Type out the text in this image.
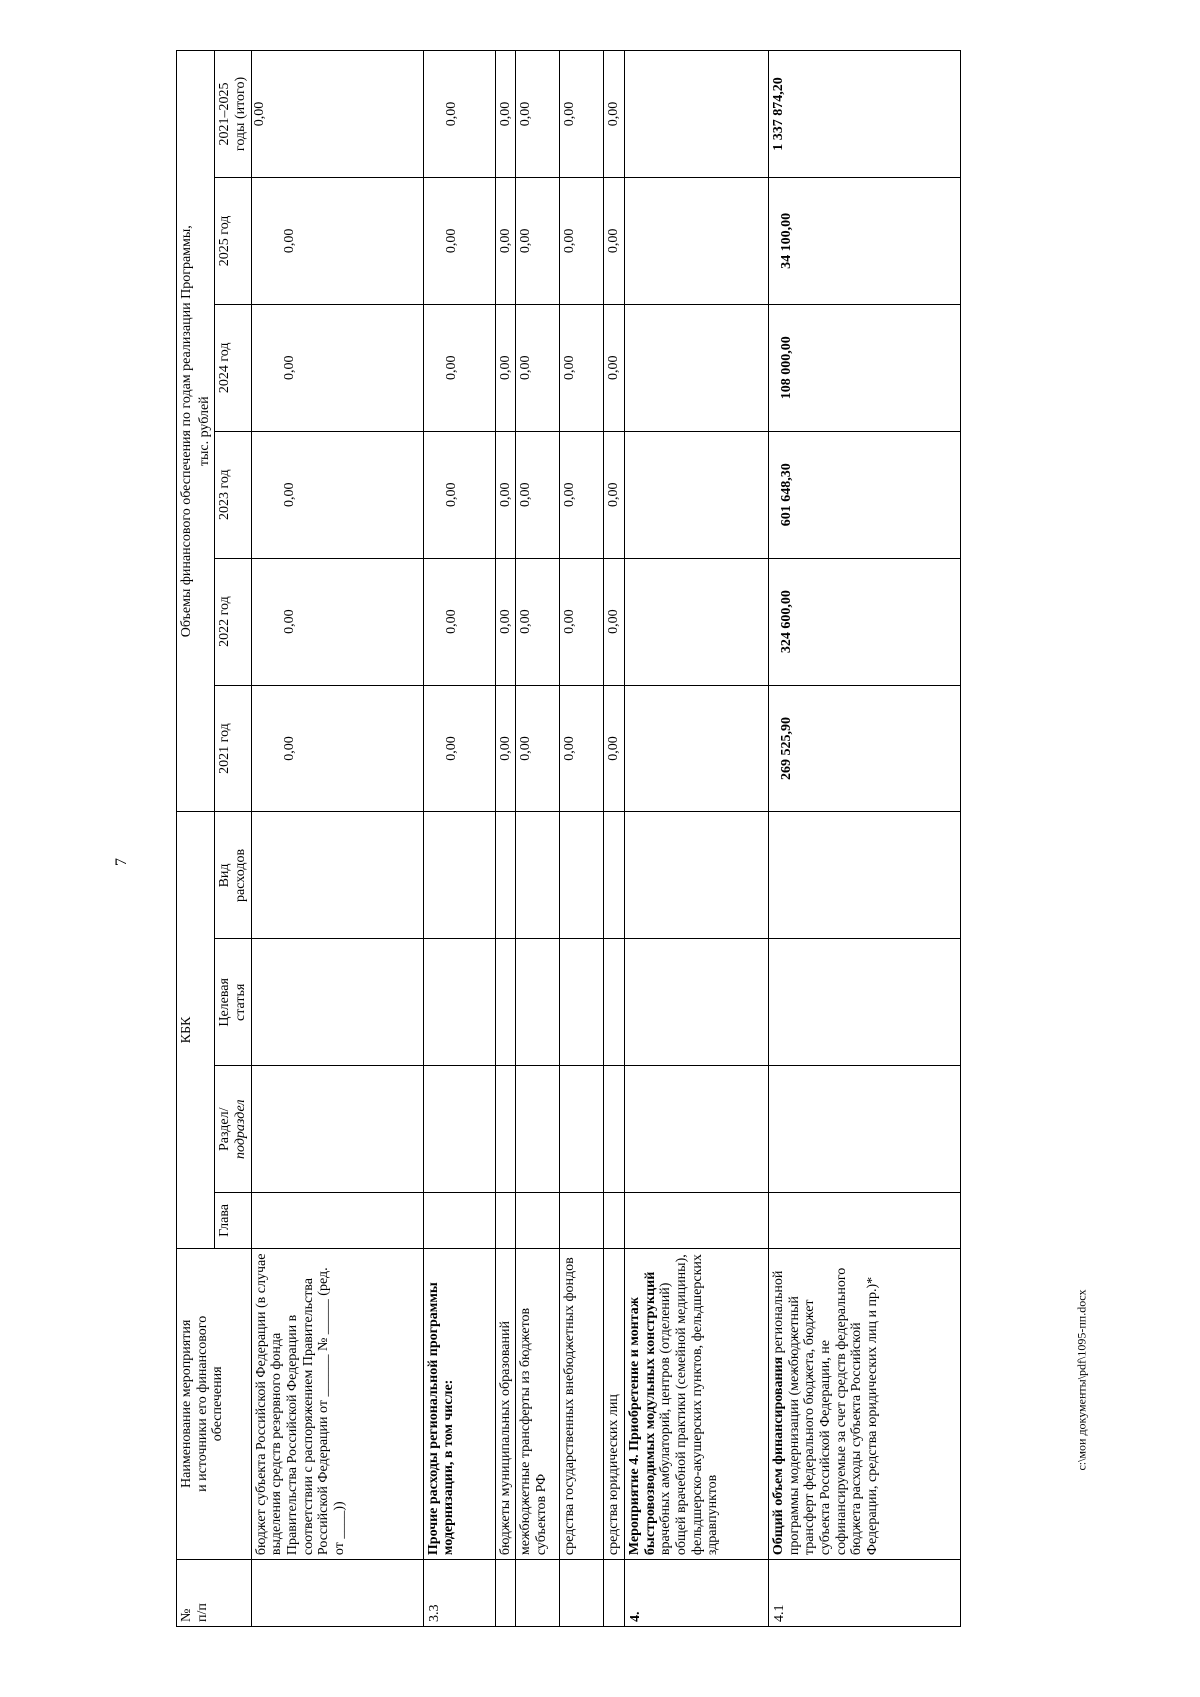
7
№
п/п	Наименование мероприятия
и источники его финансового
обеспечения	КБК				Объемы финансового обеспечения по годам реализации Программы,					
						тыс. рублей					
		Глава	Раздел/
подраздел	Целевая
статья	Вид
расходов	2021 год	2022 год	2023 год	2024 год	2025 год	2021–2025
годы (итого)
	бюджет субъекта Российской Федерации (в случае выделения средств резервного фонда Правительства Российской Федерации в соответствии с распоряжением Правительства Российской Федерации от ______ № _____ (ред. от ____))					0,00	0,00	0,00	0,00	0,00	0,00
3.3	Прочие расходы региональной программы модернизации, в том числе:					0,00	0,00	0,00	0,00	0,00	0,00
	бюджеты муниципальных образований					0,00	0,00	0,00	0,00	0,00	0,00
	межбюджетные трансферты из бюджетов субъектов РФ					0,00	0,00	0,00	0,00	0,00	0,00
	средства государственных внебюджетных фондов					0,00	0,00	0,00	0,00	0,00	0,00
	средства юридических лиц					0,00	0,00	0,00	0,00	0,00	0,00
4.	Мероприятие 4. Приобретение и монтаж быстровозводимых модульных конструкций врачебных амбулаторий, центров (отделений) общей врачебной практики (семейной медицины), фельдшерско-акушерских пунктов, фельдшерских здравпунктов										
4.1	Общий объем финансирования региональной программы модернизации (межбюджетный трансферт федерального бюджета, бюджет субъекта Российской Федерации, не софинансируемые за счет средств федерального бюджета расходы субъекта Российской Федерации, средства юридических лиц и пр.)*					269 525,90	324 600,00	601 648,30	108 000,00	34 100,00	1 337 874,20
c:\мои документы\pdf\1095-пп.docx
